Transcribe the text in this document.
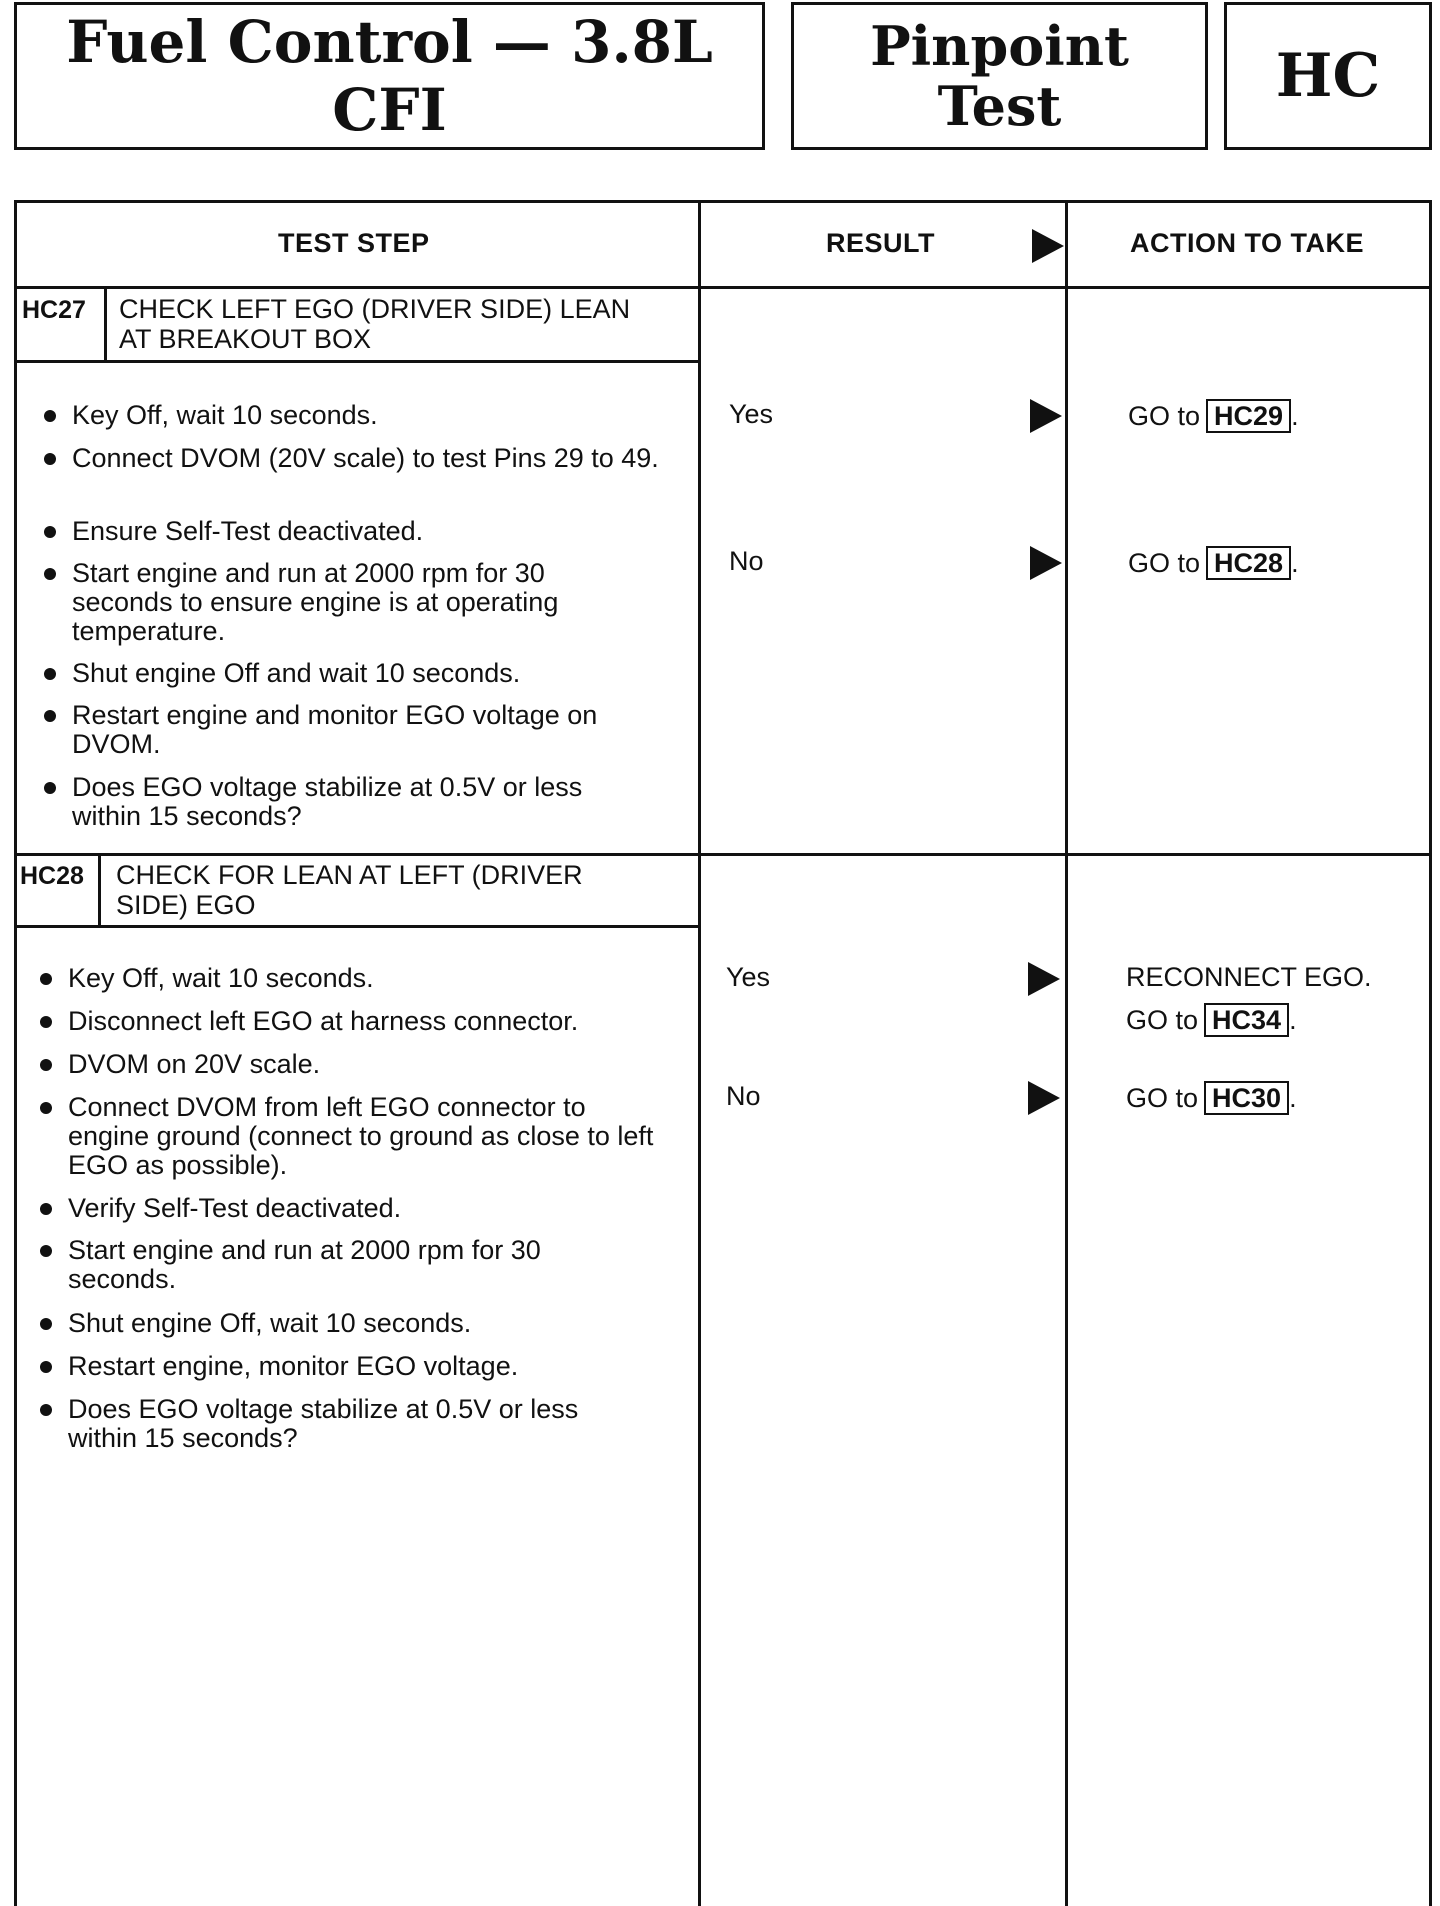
Fuel Control — 3.8L CFI
Pinpoint
Test	HC
TEST STEP	RESULT	ACTION TO TAKE
HC27 CHECK LEFT EGO (DRIVER SIDE) LEAN
AT BREAKOUT BOX
Key Off, wait 10 seconds.
Connect DVOM (20V scale) to test Pins 29 to 49.
Ensure Self-Test deactivated.
Start engine and run at 2000 rpm for 30 seconds to ensure engine is at operating temperature.
Shut engine Off and wait 10 seconds.
Restart engine and monitor EGO voltage on DVOM.
Does EGO voltage stabilize at 0.5V or less within 15 seconds?
Yes	GO to HC29 .
No	GO to HC28 .
HC28 CHECK FOR LEAN AT LEFT (DRIVER
SIDE) EGO
Key Off, wait 10 seconds.
Disconnect left EGO at harness connector.
DVOM on 20V scale.
Connect DVOM from left EGO connector to engine ground (connect to ground as close to left EGO as possible).
Verify Self-Test deactivated.
Start engine and run at 2000 rpm for 30 seconds.
Shut engine Off, wait 10 seconds.
Restart engine, monitor EGO voltage.
Does EGO voltage stabilize at 0.5V or less within 15 seconds?
Yes	RECONNECT EGO.
GO to HC34 .
No	GO to HC30 .
